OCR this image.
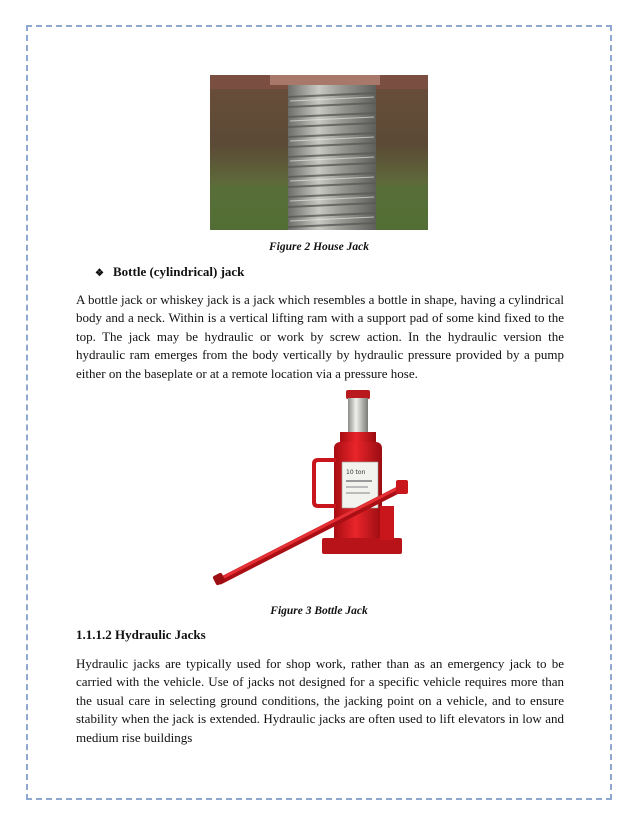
Figure 2 House Jack
❖ Bottle (cylindrical) jack
A bottle jack or whiskey jack is a jack which resembles a bottle in shape, having a cylindrical body and a neck. Within is a vertical lifting ram with a support pad of some kind fixed to the top. The jack may be hydraulic or work by screw action. In the hydraulic version the hydraulic ram emerges from the body vertically by hydraulic pressure provided by a pump either on the baseplate or at a remote location via a pressure hose.
10 ton
Figure 3 Bottle Jack
1.1.1.2 Hydraulic Jacks
Hydraulic jacks are typically used for shop work, rather than as an emergency jack to be carried with the vehicle. Use of jacks not designed for a specific vehicle requires more than the usual care in selecting ground conditions, the jacking point on a vehicle, and to ensure stability when the jack is extended. Hydraulic jacks are often used to lift elevators in low and medium rise buildings
